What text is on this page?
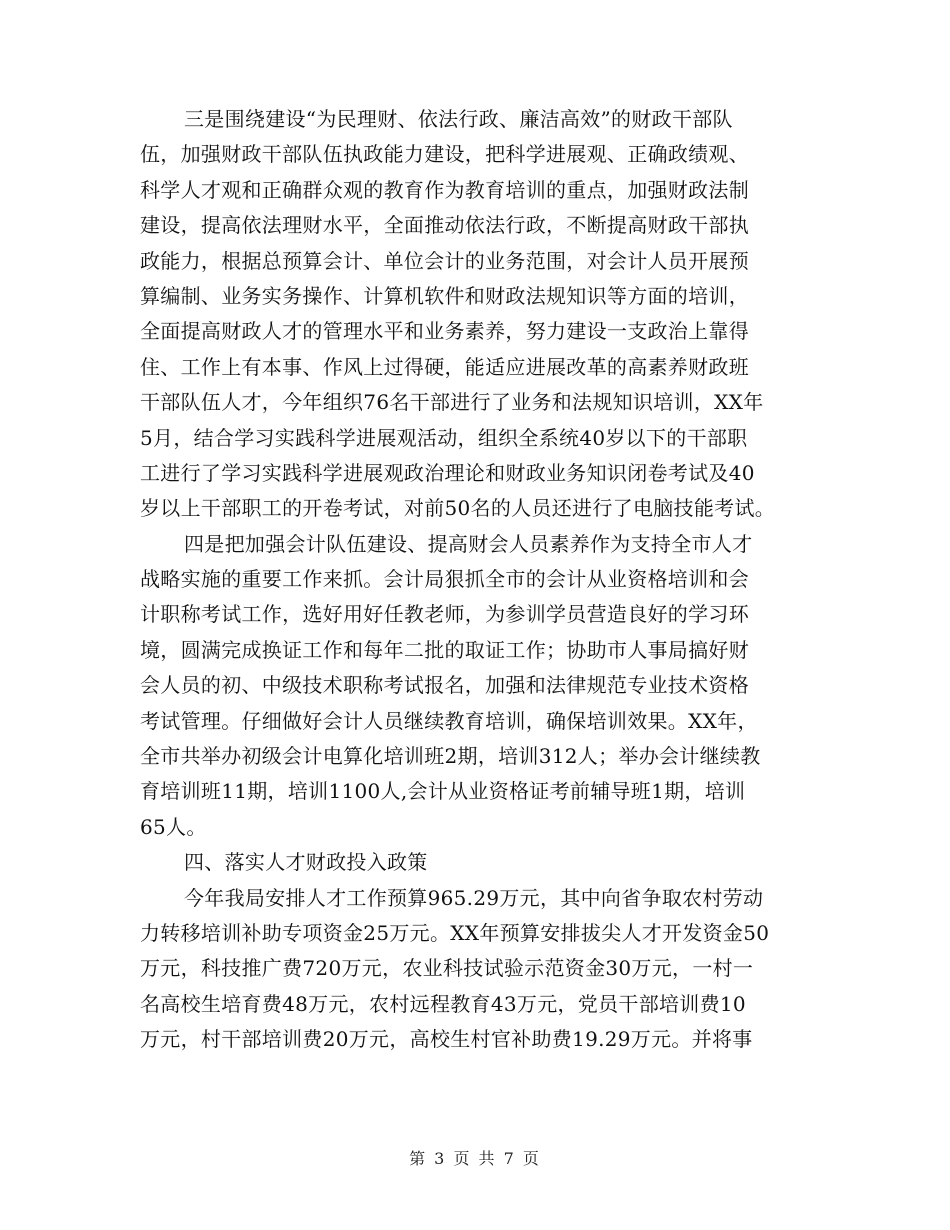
三是围绕建设“为民理财、依法行政、廉洁高效”的财政干部队
伍，加强财政干部队伍执政能力建设，把科学进展观、正确政绩观、
科学人才观和正确群众观的教育作为教育培训的重点，加强财政法制
建设，提高依法理财水平，全面推动依法行政，不断提高财政干部执
政能力，根据总预算会计、单位会计的业务范围，对会计人员开展预
算编制、业务实务操作、计算机软件和财政法规知识等方面的培训，
全面提高财政人才的管理水平和业务素养，努力建设一支政治上靠得
住、工作上有本事、作风上过得硬，能适应进展改革的高素养财政班
干部队伍人才，今年组织76名干部进行了业务和法规知识培训，XX年
5月，结合学习实践科学进展观活动，组织全系统40岁以下的干部职
工进行了学习实践科学进展观政治理论和财政业务知识闭卷考试及40
岁以上干部职工的开卷考试，对前50名的人员还进行了电脑技能考试。
四是把加强会计队伍建设、提高财会人员素养作为支持全市人才
战略实施的重要工作来抓。会计局狠抓全市的会计从业资格培训和会
计职称考试工作，选好用好任教老师，为参训学员营造良好的学习环
境，圆满完成换证工作和每年二批的取证工作；协助市人事局搞好财
会人员的初、中级技术职称考试报名，加强和法律规范专业技术资格
考试管理。仔细做好会计人员继续教育培训，确保培训效果。XX年，
全市共举办初级会计电算化培训班2期，培训312人；举办会计继续教
育培训班11期，培训1100人,会计从业资格证考前辅导班1期，培训
65人。
四、落实人才财政投入政策
今年我局安排人才工作预算965.29万元，其中向省争取农村劳动
力转移培训补助专项资金25万元。XX年预算安排拔尖人才开发资金50
万元，科技推广费720万元，农业科技试验示范资金30万元，一村一
名高校生培育费48万元，农村远程教育43万元，党员干部培训费10
万元，村干部培训费20万元，高校生村官补助费19.29万元。并将事
第 3 页 共 7 页
